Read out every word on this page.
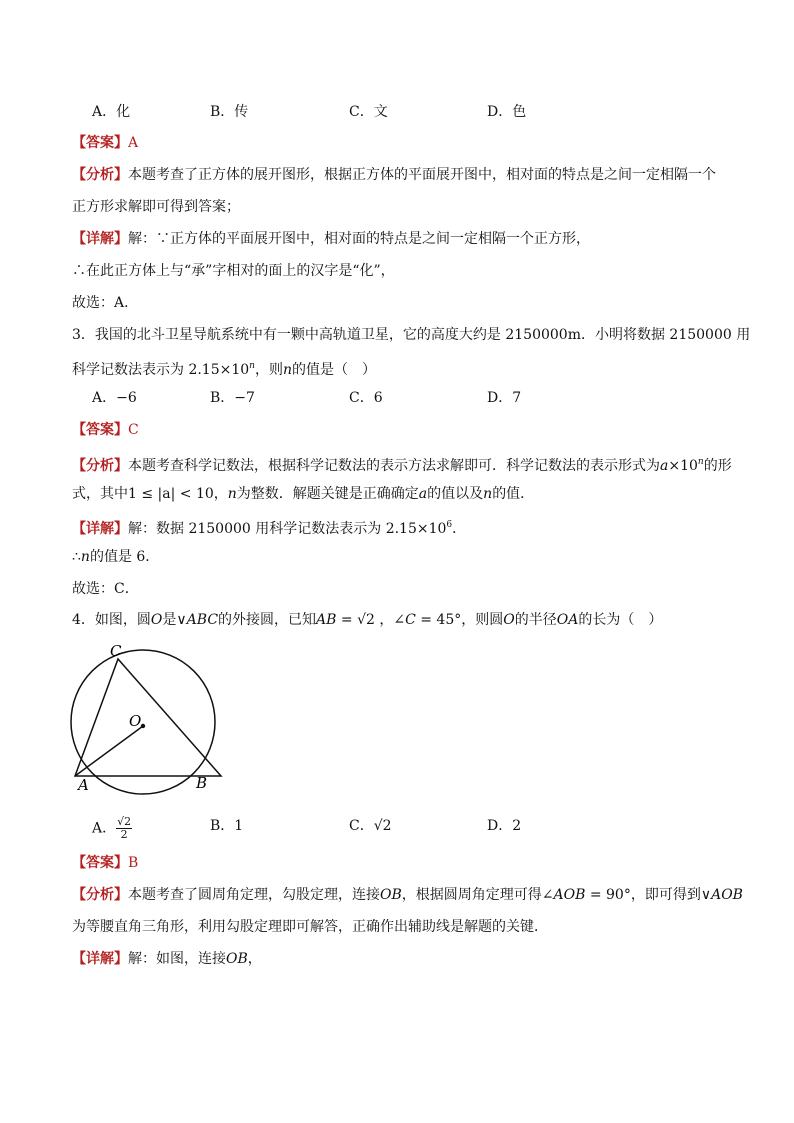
A．化	B．传	C．文	D．色
【答案】A
【分析】本题考查了正方体的展开图形，根据正方体的平面展开图中，相对面的特点是之间一定相隔一个
正方形求解即可得到答案；
【详解】解：∵正方体的平面展开图中，相对面的特点是之间一定相隔一个正方形，
∴在此正方体上与“承”字相对的面上的汉字是“化”，
故选：A．
3．我国的北斗卫星导航系统中有一颗中高轨道卫星，它的高度大约是 2150000m．小明将数据 2150000 用
科学记数法表示为 $2.15\times 10^n$，则n的值是（　）
A．−6	B．−7	C．6	D．7
【答案】C
【分析】本题考查科学记数法，根据科学记数法的表示方法求解即可．科学记数法的表示形式为$a\times 10^n$的形
式，其中1 ≤ |a| < 10，n为整数．解题关键是正确确定a的值以及n的值．
【详解】解：数据 2150000 用科学记数法表示为 $2.15\times 10^6$．
∴n的值是 6．
故选：C．
4．如图，圆O是∨ABC的外接圆，已知AB = √2 ，∠C = 45°，则圆O的半径OA的长为（　）
C
O
A	B
A． $\frac{√2}{2}$	B．1	C．√2	D．2
【答案】B
【分析】本题考查了圆周角定理，勾股定理，连接OB，根据圆周角定理可得∠AOB = 90°，即可得到∨AOB
为等腰直角三角形，利用勾股定理即可解答，正确作出辅助线是解题的关键．
【详解】解：如图，连接OB，
